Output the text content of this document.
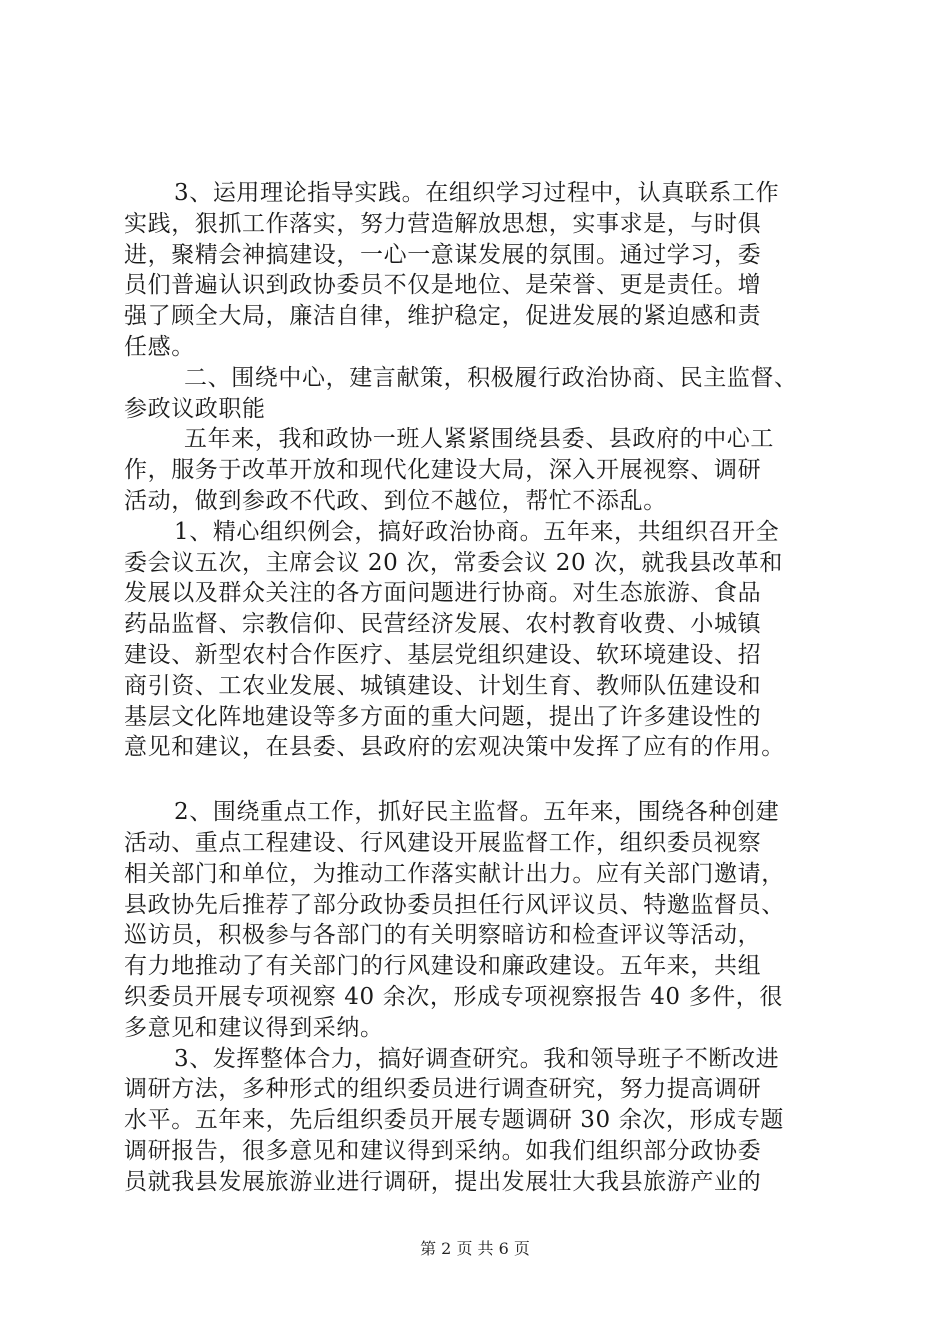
3、运用理论指导实践。在组织学习过程中，认真联系工作
实践，狠抓工作落实，努力营造解放思想，实事求是，与时俱
进，聚精会神搞建设，一心一意谋发展的氛围。通过学习，委
员们普遍认识到政协委员不仅是地位、是荣誉、更是责任。增
强了顾全大局，廉洁自律，维护稳定，促进发展的紧迫感和责
任感。
二、围绕中心，建言献策，积极履行政治协商、民主监督、
参政议政职能
五年来，我和政协一班人紧紧围绕县委、县政府的中心工
作，服务于改革开放和现代化建设大局，深入开展视察、调研
活动，做到参政不代政、到位不越位，帮忙不添乱。
1、精心组织例会，搞好政治协商。五年来，共组织召开全
委会议五次，主席会议 20 次，常委会议 20 次，就我县改革和
发展以及群众关注的各方面问题进行协商。对生态旅游、食品
药品监督、宗教信仰、民营经济发展、农村教育收费、小城镇
建设、新型农村合作医疗、基层党组织建设、软环境建设、招
商引资、工农业发展、城镇建设、计划生育、教师队伍建设和
基层文化阵地建设等多方面的重大问题，提出了许多建设性的
意见和建议，在县委、县政府的宏观决策中发挥了应有的作用。
2、围绕重点工作，抓好民主监督。五年来，围绕各种创建
活动、重点工程建设、行风建设开展监督工作，组织委员视察
相关部门和单位，为推动工作落实献计出力。应有关部门邀请，
县政协先后推荐了部分政协委员担任行风评议员、特邀监督员、
巡访员，积极参与各部门的有关明察暗访和检查评议等活动，
有力地推动了有关部门的行风建设和廉政建设。五年来，共组
织委员开展专项视察 40 余次，形成专项视察报告 40 多件，很
多意见和建议得到采纳。
3、发挥整体合力，搞好调查研究。我和领导班子不断改进
调研方法，多种形式的组织委员进行调查研究，努力提高调研
水平。五年来，先后组织委员开展专题调研 30 余次，形成专题
调研报告，很多意见和建议得到采纳。如我们组织部分政协委
员就我县发展旅游业进行调研，提出发展壮大我县旅游产业的
第 2 页 共 6 页
